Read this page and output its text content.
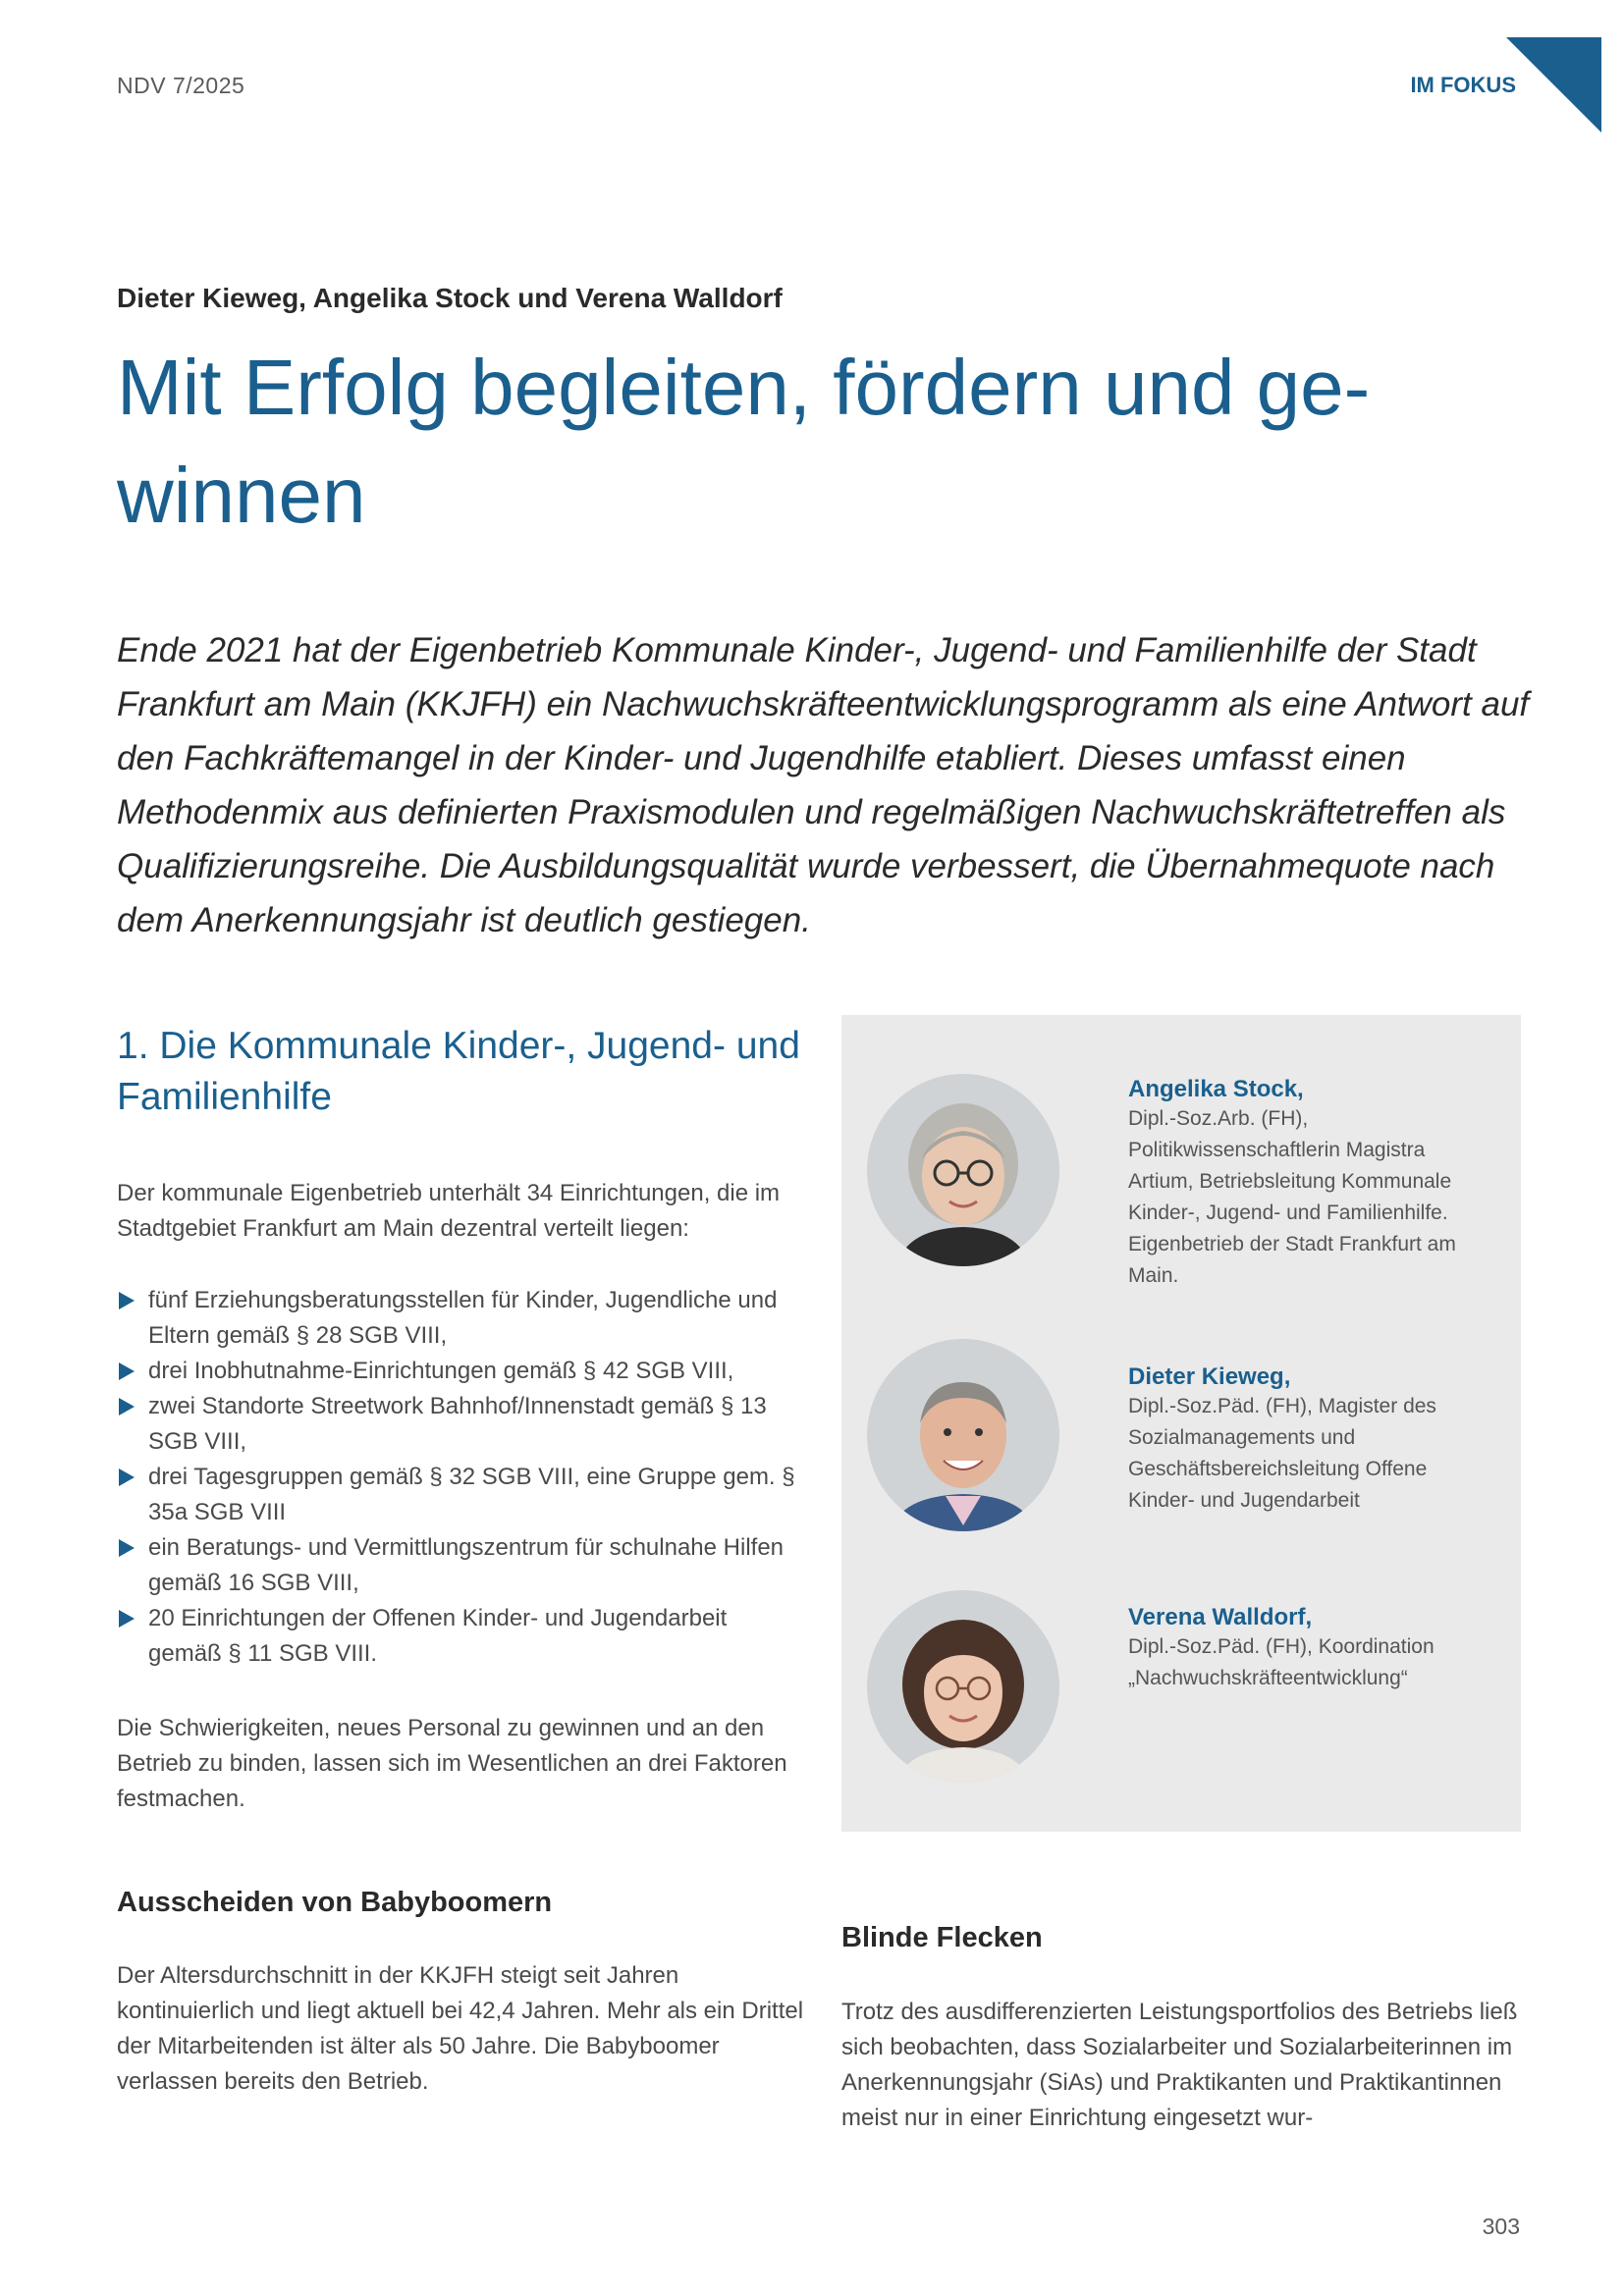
NDV 7/2025	IM FOKUS
Dieter Kieweg, Angelika Stock und Verena Walldorf
Mit Erfolg begleiten, fördern und ge-
winnen

Ende 2021 hat der Eigenbetrieb Kommunale Kinder-, Jugend- und Familienhilfe der Stadt Frankfurt am Main (KKJFH) ein Nachwuchskräfteentwicklungsprogramm als eine Antwort auf den Fachkräftemangel in der Kinder- und Jugendhilfe etabliert. Dieses umfasst einen Methodenmix aus definierten Praxismodulen und regelmäßigen Nachwuchskräftetreffen als Qualifizierungsreihe. Die Ausbildungsqualität wurde verbessert, die Übernahmequote nach dem Anerkennungsjahr ist deutlich gestiegen.

1. Die Kommunale Kinder-, Jugend- und
Familienhilfe

Der kommunale Eigenbetrieb unterhält 34 Einrichtungen, die im Stadtgebiet Frankfurt am Main dezentral verteilt liegen:

fünf Erziehungsberatungsstellen für Kinder, Jugendliche und Eltern gemäß § 28 SGB VIII,
drei Inobhutnahme-Einrichtungen gemäß § 42 SGB VIII,
zwei Standorte Streetwork Bahnhof/Innenstadt gemäß § 13 SGB VIII,
drei Tagesgruppen gemäß § 32 SGB VIII, eine Gruppe gem. § 35a SGB VIII
ein Beratungs- und Vermittlungszentrum für schulnahe Hilfen gemäß 16 SGB VIII,
20 Einrichtungen der Offenen Kinder- und Jugendarbeit gemäß § 11 SGB VIII.

Die Schwierigkeiten, neues Personal zu gewinnen und an den Betrieb zu binden, lassen sich im Wesentlichen an drei Faktoren festmachen.

Ausscheiden von Babyboomern

Der Altersdurchschnitt in der KKJFH steigt seit Jahren kontinuierlich und liegt aktuell bei 42,4 Jahren. Mehr als ein Drittel der Mitarbeitenden ist älter als 50 Jahre. Die Babyboomer verlassen bereits den Betrieb.

Angelika Stock,

Dipl.-Soz.Arb. (FH), Politikwissenschaftlerin Magistra Artium, Betriebsleitung Kommunale Kinder-, Jugend- und Familienhilfe. Eigenbetrieb der Stadt Frankfurt am Main.

Dieter Kieweg,

Dipl.-Soz.Päd. (FH), Magister des Sozialmanagements und Geschäftsbereichsleitung Offene Kinder- und Jugendarbeit

Verena Walldorf,

Dipl.-Soz.Päd. (FH), Koordination „Nachwuchskräfteentwicklung“

Blinde Flecken

Trotz des ausdifferenzierten Leistungsportfolios des Betriebs ließ sich beobachten, dass Sozialarbeiter und Sozialarbeiterinnen im Anerkennungsjahr (SiAs) und Praktikanten und Praktikantinnen meist nur in einer Einrichtung eingesetzt wur-

303
